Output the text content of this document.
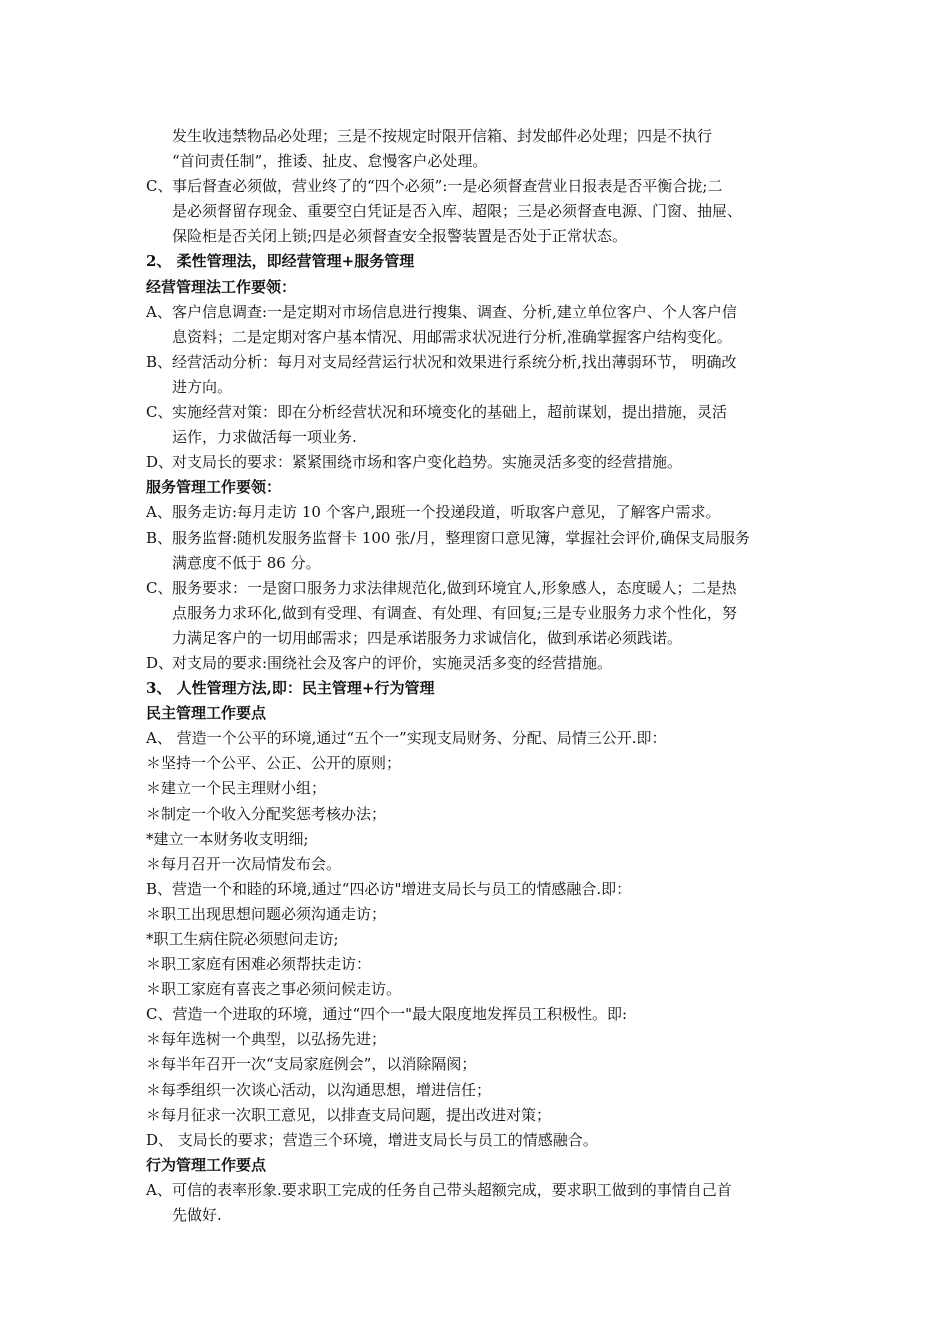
发生收违禁物品必处理；三是不按规定时限开信箱、封发邮件必处理；四是不执行
“首问责任制”，推诿、扯皮、怠慢客户必处理。
C、 事后督查必须做，营业终了的“四个必须”:一是必须督查营业日报表是否平衡合拢;二
是必须督留存现金、重要空白凭证是否入库、超限；三是必须督查电源、门窗、抽屉、
保险柜是否关闭上锁;四是必须督查安全报警装置是否处于正常状态。
2、 柔性管理法，即经营管理+服务管理
经营管理法工作要领：
A、 客户信息调查:一是定期对市场信息进行搜集、调查、分析,建立单位客户、个人客户信
息资料；二是定期对客户基本情况、用邮需求状况进行分析,准确掌握客户结构变化。
B、 经营活动分析：每月对支局经营运行状况和效果进行系统分析,找出薄弱环节， 明确改
进方向。
C、 实施经营对策：即在分析经营状况和环境变化的基础上，超前谋划，提出措施，灵活
运作，力求做活每一项业务.
D、
对支局长的要求：紧紧围绕市场和客户变化趋势。实施灵活多变的经营措施。
服务管理工作要领：
A、 服务走访:每月走访 10 个客户,跟班一个投递段道，听取客户意见，了解客户需求。
B、 服务监督:随机发服务监督卡 100 张/月，整理窗口意见簿，掌握社会评价,确保支局服务
满意度不低于 86 分。
C、 服务要求：一是窗口服务力求法律规范化,做到环境宜人,形象感人，态度暖人；二是热
点服务力求环化,做到有受理、有调查、有处理、有回复;三是专业服务力求个性化，努
力满足客户的一切用邮需求；四是承诺服务力求诚信化，做到承诺必须践诺。
D、
对支局的要求:围绕社会及客户的评价，实施灵活多变的经营措施。
3、 人性管理方法,即：民主管理+行为管理
民主管理工作要点
A、 营造一个公平的环境,通过“五个一”实现支局财务、分配、局情三公开.即：
＊坚持一个公平、公正、公开的原则；
＊建立一个民主理财小组；
＊制定一个收入分配奖惩考核办法；
*建立一本财务收支明细;
＊每月召开一次局情发布会。
B、营造一个和睦的环境,通过“四必访"增进支局长与员工的情感融合.即：
＊职工出现思想问题必须沟通走访；
*职工生病住院必须慰问走访;
＊职工家庭有困难必须帮扶走访：
＊职工家庭有喜丧之事必须问候走访。
C、营造一个进取的环境，通过“四个一"最大限度地发挥员工积极性。即:
＊每年选树一个典型，以弘扬先进；
＊每半年召开一次“支局家庭例会”，以消除隔阂；
＊每季组织一次谈心活动，以沟通思想，增进信任；
＊每月征求一次职工意见，以排查支局问题，提出改进对策；
D、 支局长的要求；营造三个环境，增进支局长与员工的情感融合。
行为管理工作要点
A、 可信的表率形象.要求职工完成的任务自己带头超额完成，要求职工做到的事情自己首
先做好.
